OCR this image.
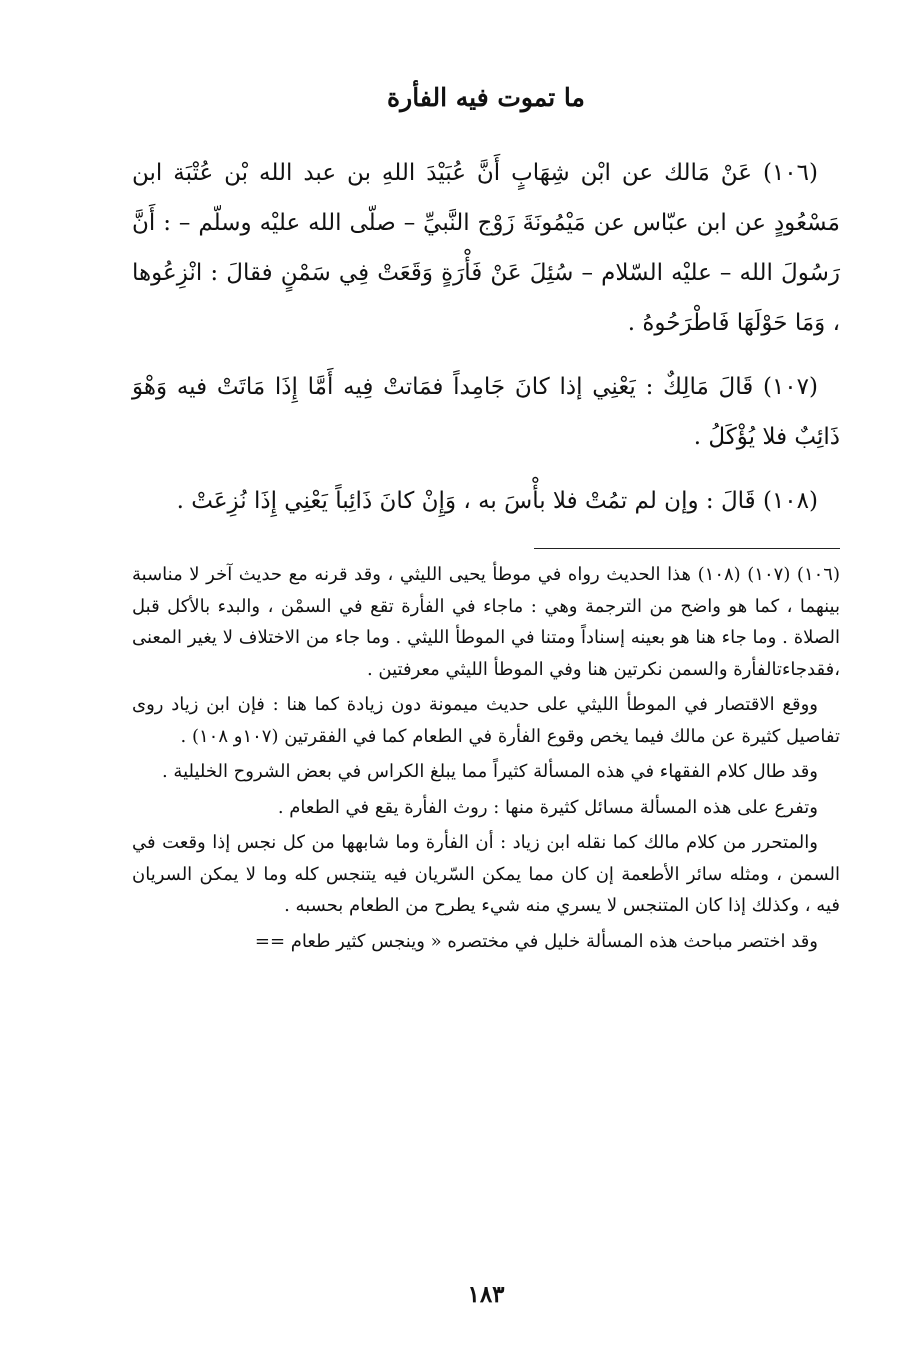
ما تموت فيه الفأرة

(١٠٦) عَنْ مَالك عن ابْن شِهَابٍ أَنَّ عُبَيْدَ اللهِ بن عبد الله بْن عُتْبَة ابن مَسْعُودٍ عن ابن عبّاس عن مَيْمُونَةَ زَوْج النَّبيِّ – صلّى الله عليْه وسلّم – : أَنَّ رَسُولَ الله – عليْه السّلام – سُئِلَ عَنْ فَأْرَةٍ وَقَعَتْ فِي سَمْنٍ فقالَ : انْزِعُوها ، وَمَا حَوْلَهَا فَاطْرَحُوهُ .

(١٠٧) قَالَ مَالِكٌ : يَعْنِي إذا كانَ جَامِداً فمَاتتْ فِيه أَمَّا إِذَا مَاتَتْ فيه وَهْوَ ذَائِبٌ فلا يُؤْكَلُ .

(١٠٨) قَالَ : وإن لم تمُتْ فلا بأْسَ به ، وَإِنْ كانَ ذَائِباً يَعْنِي إِذَا نُزِعَتْ .

(١٠٦) (١٠٧) (١٠٨) هذا الحديث رواه في موطأ يحيى الليثي ، وقد قرنه مع حديث آخر لا مناسبة بينهما ، كما هو واضح من الترجمة وهي : ماجاء في الفأرة تقع في السمْن ، والبدء بالأكل قبل الصلاة . وما جاء هنا هو بعينه إسناداً ومتنا في الموطأ الليثي . وما جاء من الاختلاف لا يغير المعنى ،فقدجاءتالفأرة والسمن نكرتين هنا وفي الموطأ الليثي معرفتين .

ووقع الاقتصار في الموطأ الليثي على حديث ميمونة دون زيادة كما هنا : فإن ابن زياد روى تفاصيل كثيرة عن مالك فيما يخص وقوع الفأرة في الطعام كما في الفقرتين (١٠٧و ١٠٨) .

وقد طال كلام الفقهاء في هذه المسألة كثيراً مما يبلغ الكراس في بعض الشروح الخليلية .

وتفرع على هذه المسألة مسائل كثيرة منها : روث الفأرة يقع في الطعام .

والمتحرر من كلام مالك كما نقله ابن زياد : أن الفأرة وما شابهها من كل نجس إذا وقعت في السمن ، ومثله سائر الأطعمة إن كان مما يمكن السّريان فيه يتنجس كله وما لا يمكن السريان فيه ، وكذلك إذا كان المتنجس لا يسري منه شيء يطرح من الطعام بحسبه .

وقد اختصر مباحث هذه المسألة خليل في مختصره « وينجس كثير طعام ==

١٨٣
